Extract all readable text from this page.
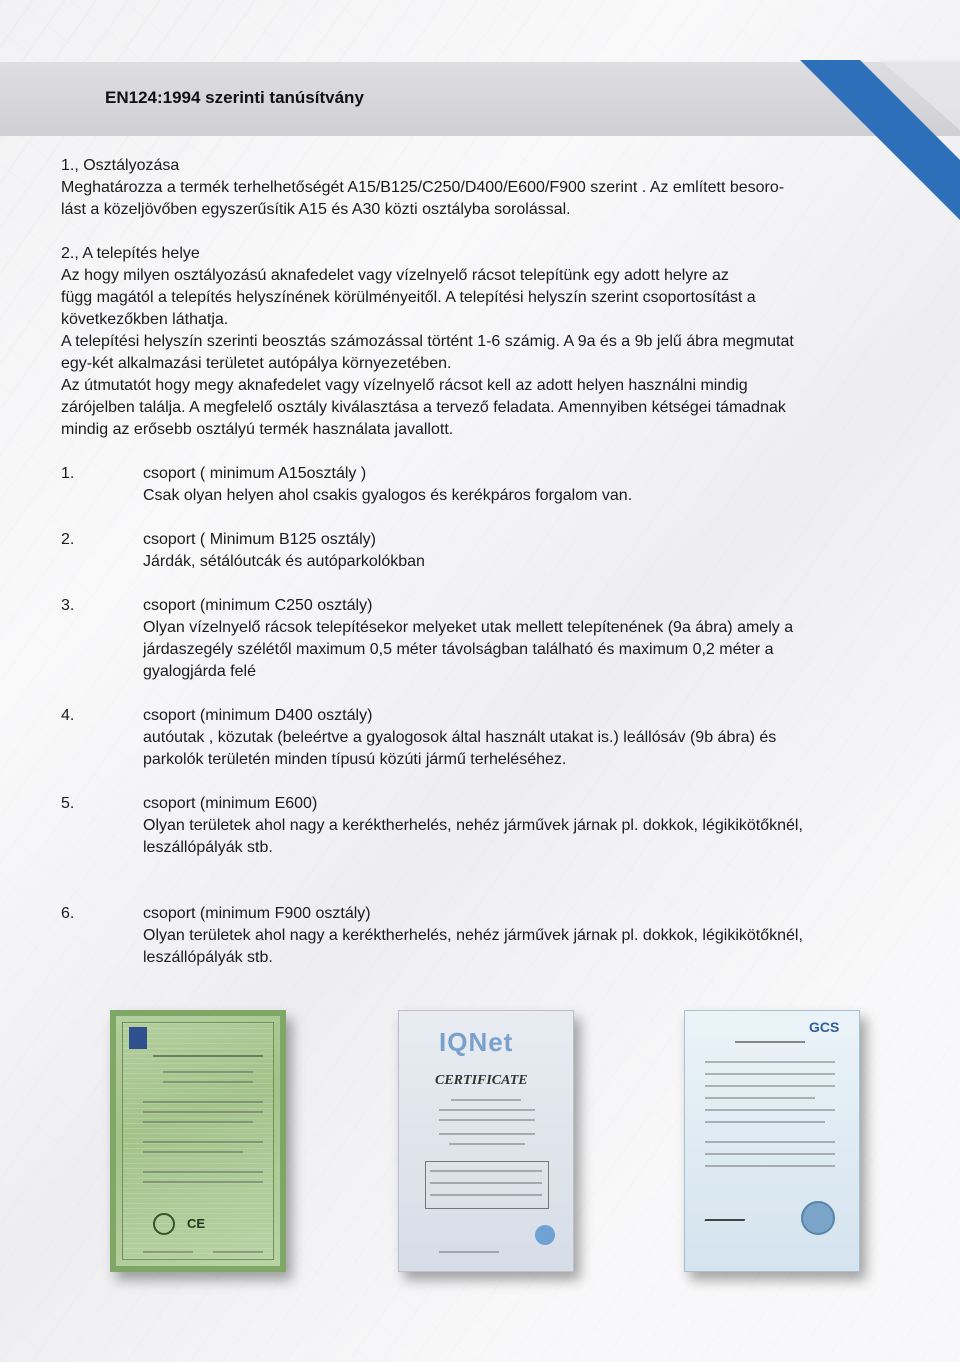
EN124:1994 szerinti tanúsítvány

1., Osztályozása

Meghatározza a termék terhelhetőségét A15/B125/C250/D400/E600/F900 szerint . Az említett besoro-

lást a közeljövőben egyszerűsítik A15 és A30 közti osztályba sorolással.

2., A telepítés helye

Az hogy milyen osztályozású aknafedelet vagy vízelnyelő rácsot telepítünk egy adott helyre az

függ magától a telepítés helyszínének körülményeitől. A telepítési helyszín szerint csoportosítást a

következőkben láthatja.

A telepítési helyszín szerinti beosztás számozással történt 1-6 számig. A 9a és a 9b jelű ábra megmutat

egy-két alkalmazási területet autópálya környezetében.

Az útmutatót hogy megy aknafedelet vagy vízelnyelő rácsot kell az adott helyen használni mindig

zárójelben találja. A megfelelő osztály kiválasztása a tervező feladata. Amennyiben kétségei támadnak

mindig az erősebb osztályú termék használata javallott.

1.	csoport ( minimum A15osztály )

Csak olyan helyen ahol csakis gyalogos és kerékpáros forgalom van.

2.	csoport ( Minimum B125 osztály)

Járdák, sétálóutcák és autóparkolókban

3.	csoport (minimum C250 osztály)

Olyan vízelnyelő rácsok telepítésekor melyeket utak mellett telepítenének (9a ábra) amely a

járdaszegély szélétől maximum 0,5 méter távolságban található és maximum 0,2 méter a

gyalogjárda felé

4.	csoport (minimum D400 osztály)

autóutak , közutak (beleértve a gyalogosok által használt utakat is.) leállósáv (9b ábra) és

parkolók területén minden típusú közúti jármű terheléséhez.

5.	csoport (minimum E600)

Olyan területek ahol nagy a keréktherhelés, nehéz járművek járnak pl. dokkok, légikikötőknél,

leszállópályák stb.

6.	csoport (minimum F900 osztály)

Olyan területek ahol nagy a keréktherhelés, nehéz járművek járnak pl. dokkok, légikikötőknél,

leszállópályák stb.

CE
IQNet
CERTIFICATE
GCS
